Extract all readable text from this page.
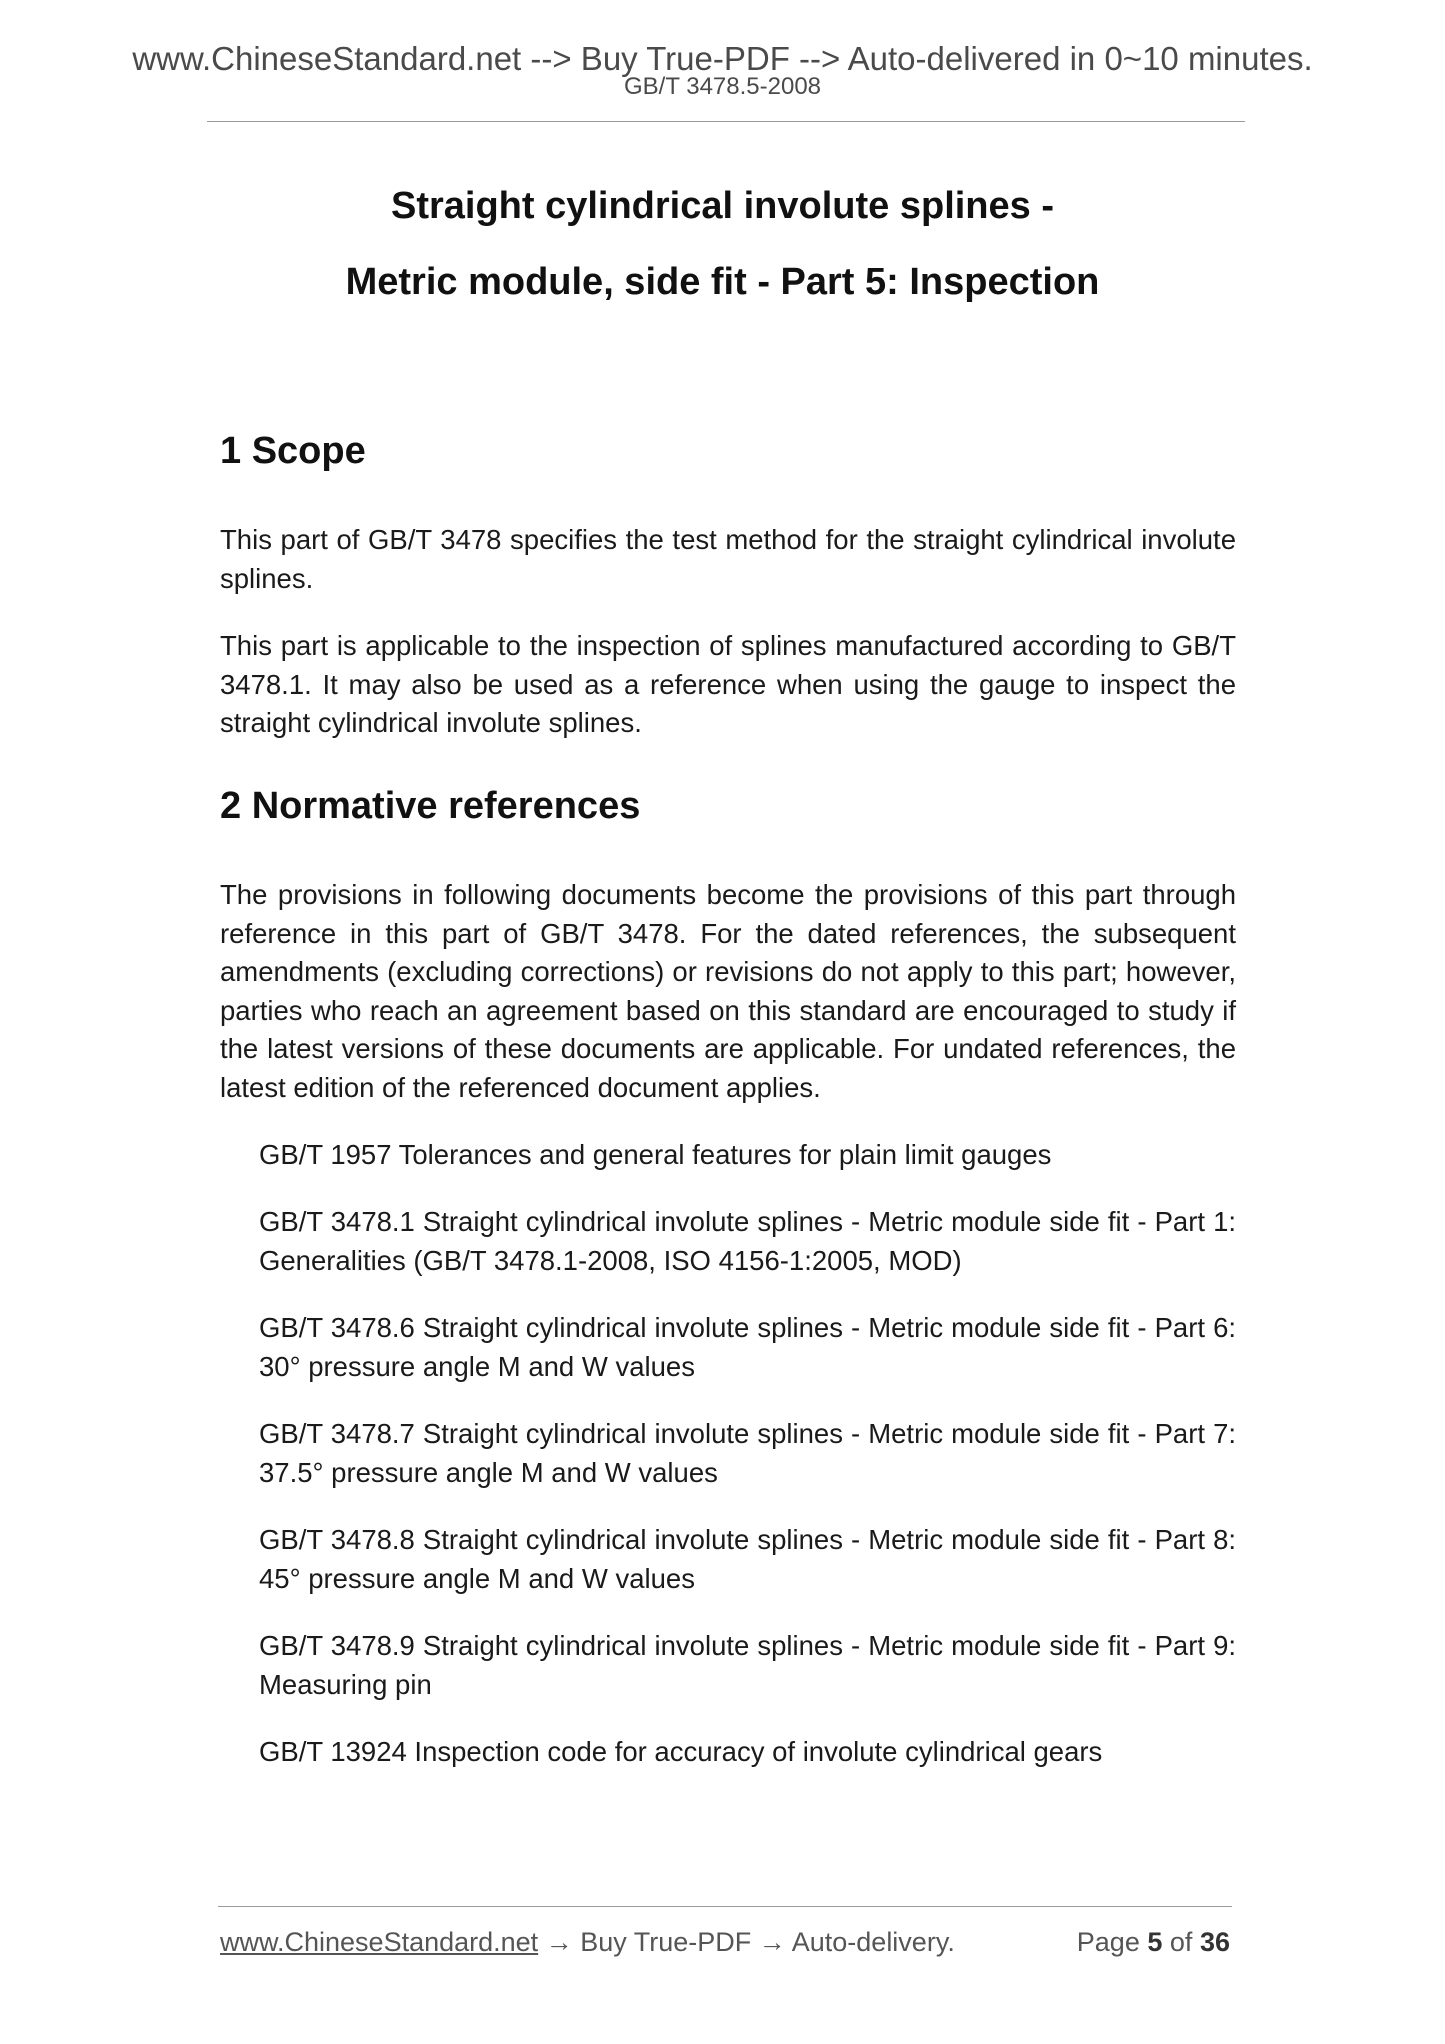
www.ChineseStandard.net --> Buy True-PDF --> Auto-delivered in 0~10 minutes.
GB/T 3478.5-2008
Straight cylindrical involute splines -
Metric module, side fit - Part 5: Inspection
1 Scope

This part of GB/T 3478 specifies the test method for the straight cylindrical involute splines.

This part is applicable to the inspection of splines manufactured according to GB/T 3478.1. It may also be used as a reference when using the gauge to inspect the straight cylindrical involute splines.

2 Normative references

The provisions in following documents become the provisions of this part through reference in this part of GB/T 3478. For the dated references, the subsequent amendments (excluding corrections) or revisions do not apply to this part; however, parties who reach an agreement based on this standard are encouraged to study if the latest versions of these documents are applicable. For undated references, the latest edition of the referenced document applies.

GB/T 1957 Tolerances and general features for plain limit gauges

GB/T 3478.1 Straight cylindrical involute splines - Metric module side fit - Part 1: Generalities (GB/T 3478.1-2008, ISO 4156-1:2005, MOD)

GB/T 3478.6 Straight cylindrical involute splines - Metric module side fit - Part 6: 30° pressure angle M and W values

GB/T 3478.7 Straight cylindrical involute splines - Metric module side fit - Part 7: 37.5° pressure angle M and W values

GB/T 3478.8 Straight cylindrical involute splines - Metric module side fit - Part 8: 45° pressure angle M and W values

GB/T 3478.9 Straight cylindrical involute splines - Metric module side fit - Part 9: Measuring pin

GB/T 13924 Inspection code for accuracy of involute cylindrical gears

www.ChineseStandard.net → Buy True-PDF → Auto-delivery.	Page 5 of 36
